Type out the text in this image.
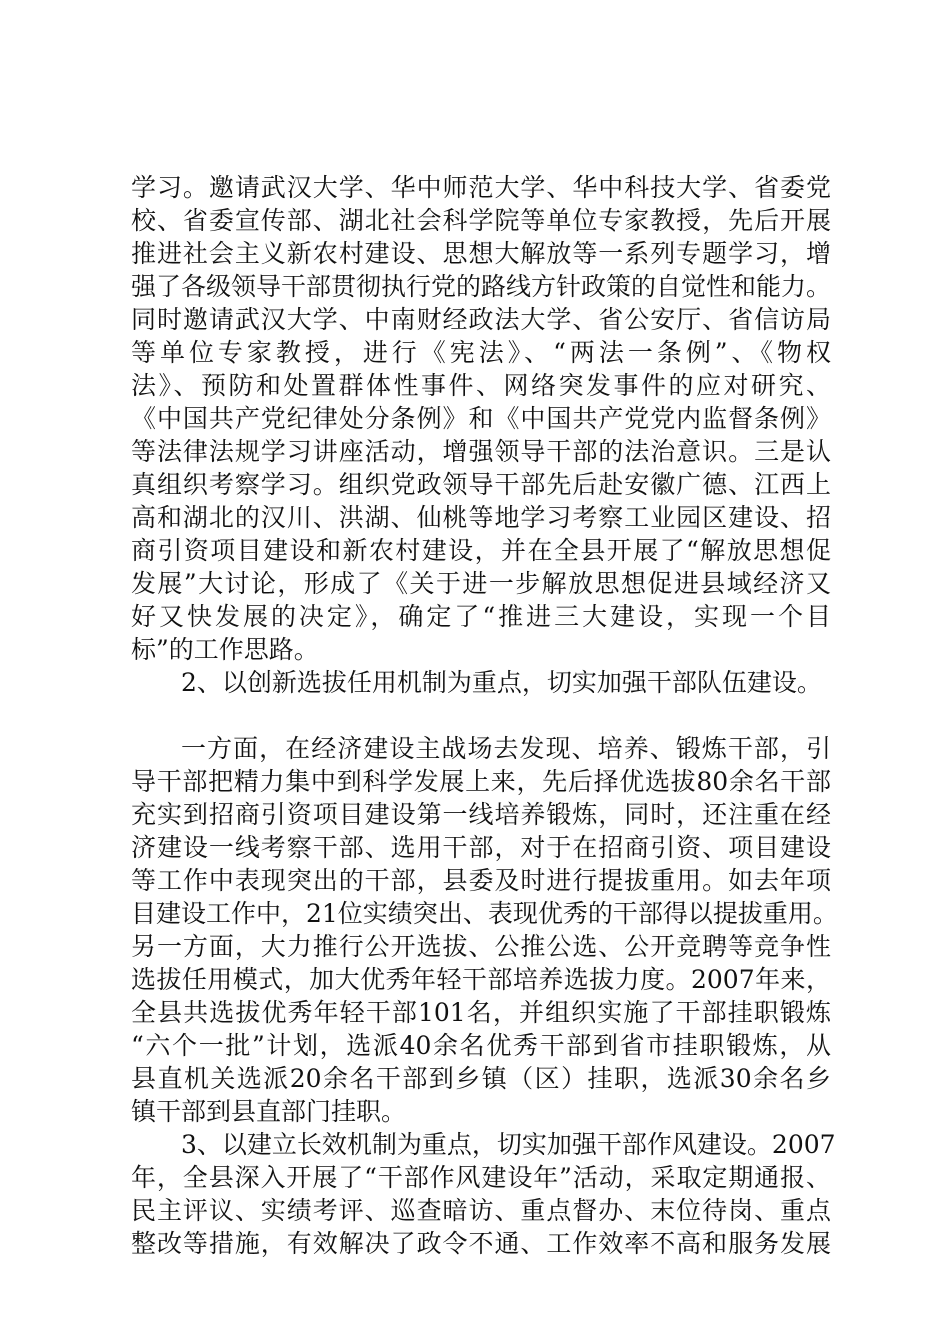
学习。邀请武汉大学、华中师范大学、华中科技大学、省委党
校、省委宣传部、湖北社会科学院等单位专家教授，先后开展
推进社会主义新农村建设、思想大解放等一系列专题学习，增
强了各级领导干部贯彻执行党的路线方针政策的自觉性和能力。
同时邀请武汉大学、中南财经政法大学、省公安厅、省信访局
等单位专家教授，进行《宪法》、“两法一条例”、《物权
法》、预防和处置群体性事件、网络突发事件的应对研究、
《中国共产党纪律处分条例》和《中国共产党党内监督条例》
等法律法规学习讲座活动，增强领导干部的法治意识。三是认
真组织考察学习。组织党政领导干部先后赴安徽广德、江西上
高和湖北的汉川、洪湖、仙桃等地学习考察工业园区建设、招
商引资项目建设和新农村建设，并在全县开展了“解放思想促
发展”大讨论，形成了《关于进一步解放思想促进县域经济又
好又快发展的决定》，确定了“推进三大建设，实现一个目
标”的工作思路。
2、以创新选拔任用机制为重点，切实加强干部队伍建设。
一方面，在经济建设主战场去发现、培养、锻炼干部，引
导干部把精力集中到科学发展上来，先后择优选拔80余名干部
充实到招商引资项目建设第一线培养锻炼，同时，还注重在经
济建设一线考察干部、选用干部，对于在招商引资、项目建设
等工作中表现突出的干部，县委及时进行提拔重用。如去年项
目建设工作中，21位实绩突出、表现优秀的干部得以提拔重用。
另一方面，大力推行公开选拔、公推公选、公开竞聘等竞争性
选拔任用模式，加大优秀年轻干部培养选拔力度。2007年来，
全县共选拔优秀年轻干部101名，并组织实施了干部挂职锻炼
“六个一批”计划，选派40余名优秀干部到省市挂职锻炼，从
县直机关选派20余名干部到乡镇（区）挂职，选派30余名乡
镇干部到县直部门挂职。
3、以建立长效机制为重点，切实加强干部作风建设。2007
年，全县深入开展了“干部作风建设年”活动，采取定期通报、
民主评议、实绩考评、巡查暗访、重点督办、末位待岗、重点
整改等措施，有效解决了政令不通、工作效率不高和服务发展
